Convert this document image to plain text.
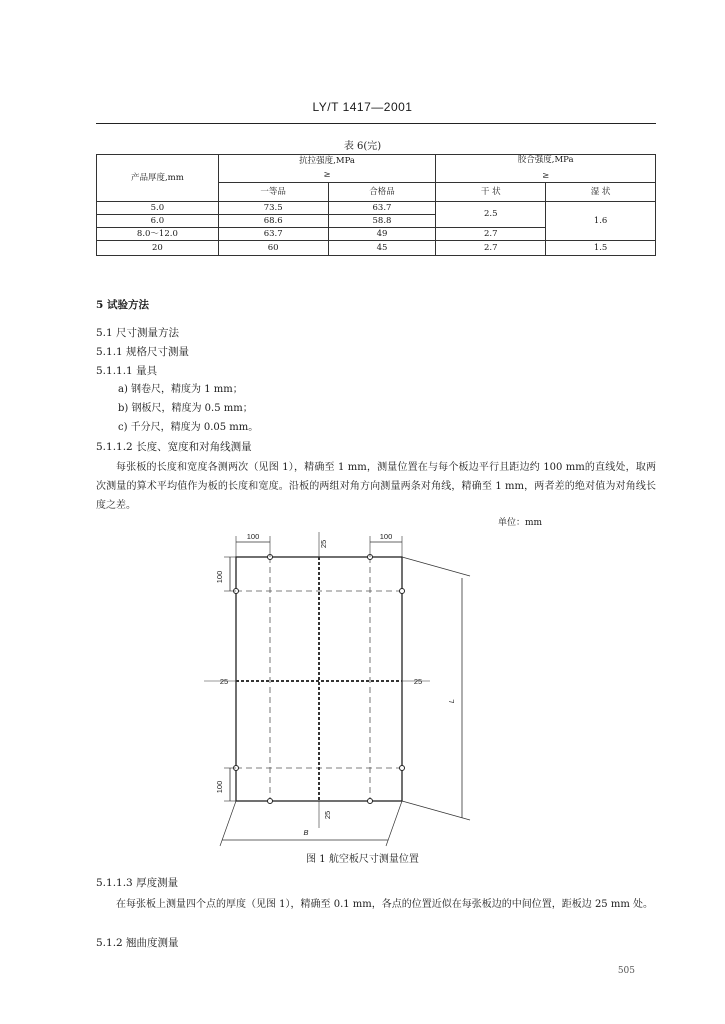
LY/T 1417—2001
表 6(完)
产品厚度,mm	抗拉强度,MPa		胶合强度,MPa
≥	

	≥			
	一等品	合格品	干 状	湿 状
5.0	73.5	63.7	2.5	1.6
6.0	68.6	58.8		
8.0～12.0	63.7	49	2.7	
20	60	45	2.7	1.5
5 试验方法
5.1 尺寸测量方法
5.1.1 规格尺寸测量
5.1.1.1 量具
a) 钢卷尺，精度为 1 mm；
b) 钢板尺，精度为 0.5 mm；
c) 千分尺，精度为 0.05 mm。
5.1.1.2 长度、宽度和对角线测量
每张板的长度和宽度各测两次（见图 1），精确至 1 mm，测量位置在与每个板边平行且距边约 100 mm的直线处，取两次测量的算术平均值作为板的长度和宽度。沿板的两组对角方向测量两条对角线，精确至 1 mm，两者差的绝对值为对角线长度之差。
单位：mm
100	100
25
100
100
25	25
25
L
B
图 1 航空板尺寸测量位置
5.1.1.3 厚度测量
在每张板上测量四个点的厚度（见图 1），精确至 0.1 mm，各点的位置近似在每张板边的中间位置，距板边 25 mm 处。
5.1.2 翘曲度测量
505
